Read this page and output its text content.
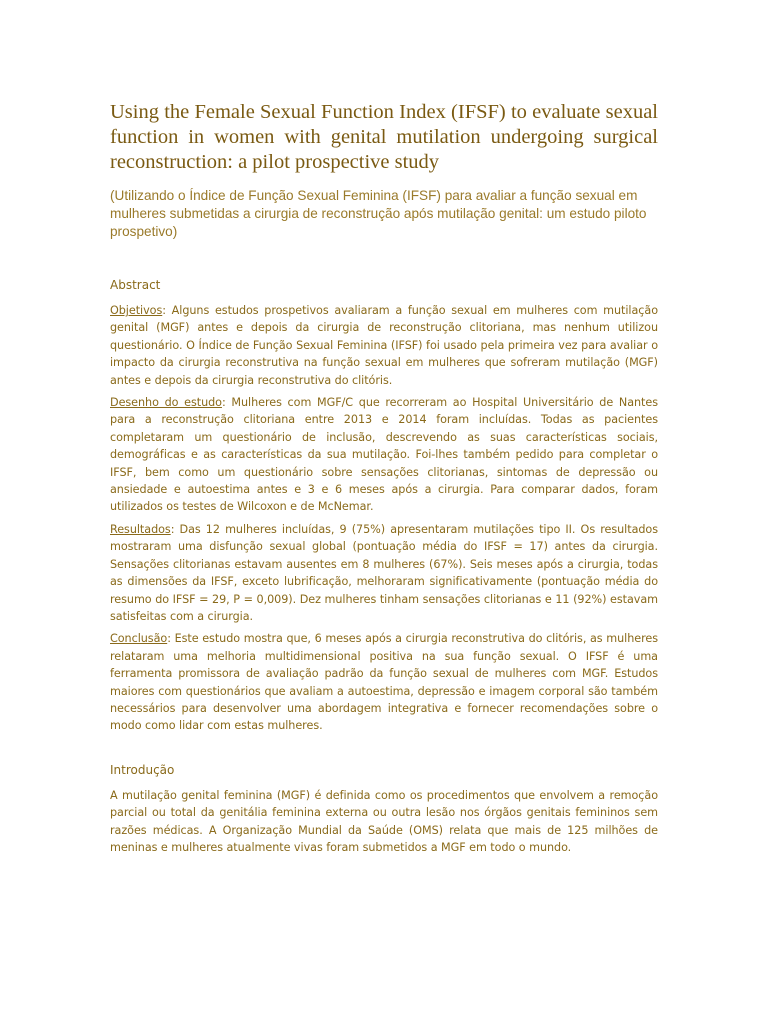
Using the Female Sexual Function Index (IFSF) to evaluate sexual function in women with genital mutilation undergoing surgical reconstruction: a pilot prospective study

(Utilizando o Índice de Função Sexual Feminina (IFSF) para avaliar a função sexual em mulheres submetidas a cirurgia de reconstrução após mutilação genital: um estudo piloto prospetivo)

Abstract

Objetivos: Alguns estudos prospetivos avaliaram a função sexual em mulheres com mutilação genital (MGF) antes e depois da cirurgia de reconstrução clitoriana, mas nenhum utilizou questionário. O Índice de Função Sexual Feminina (IFSF) foi usado pela primeira vez para avaliar o impacto da cirurgia reconstrutiva na função sexual em mulheres que sofreram mutilação (MGF) antes e depois da cirurgia reconstrutiva do clitóris.

Desenho do estudo: Mulheres com MGF/C que recorreram ao Hospital Universitário de Nantes para a reconstrução clitoriana entre 2013 e 2014 foram incluídas. Todas as pacientes completaram um questionário de inclusão, descrevendo as suas características sociais, demográficas e as características da sua mutilação. Foi-lhes também pedido para completar o IFSF, bem como um questionário sobre sensações clitorianas, sintomas de depressão ou ansiedade e autoestima antes e 3 e 6 meses após a cirurgia. Para comparar dados, foram utilizados os testes de Wilcoxon e de McNemar.

Resultados: Das 12 mulheres incluídas, 9 (75%) apresentaram mutilações tipo II. Os resultados mostraram uma disfunção sexual global (pontuação média do IFSF = 17) antes da cirurgia. Sensações clitorianas estavam ausentes em 8 mulheres (67%). Seis meses após a cirurgia, todas as dimensões da IFSF, exceto lubrificação, melhoraram significativamente (pontuação média do resumo do IFSF = 29, P = 0,009). Dez mulheres tinham sensações clitorianas e 11 (92%) estavam satisfeitas com a cirurgia.

Conclusão: Este estudo mostra que, 6 meses após a cirurgia reconstrutiva do clitóris, as mulheres relataram uma melhoria multidimensional positiva na sua função sexual. O IFSF é uma ferramenta promissora de avaliação padrão da função sexual de mulheres com MGF. Estudos maiores com questionários que avaliam a autoestima, depressão e imagem corporal são também necessários para desenvolver uma abordagem integrativa e fornecer recomendações sobre o modo como lidar com estas mulheres.

Introdução

A mutilação genital feminina (MGF) é definida como os procedimentos que envolvem a remoção parcial ou total da genitália feminina externa ou outra lesão nos órgãos genitais femininos sem razões médicas. A Organização Mundial da Saúde (OMS) relata que mais de 125 milhões de meninas e mulheres atualmente vivas foram submetidos a MGF em todo o mundo.
